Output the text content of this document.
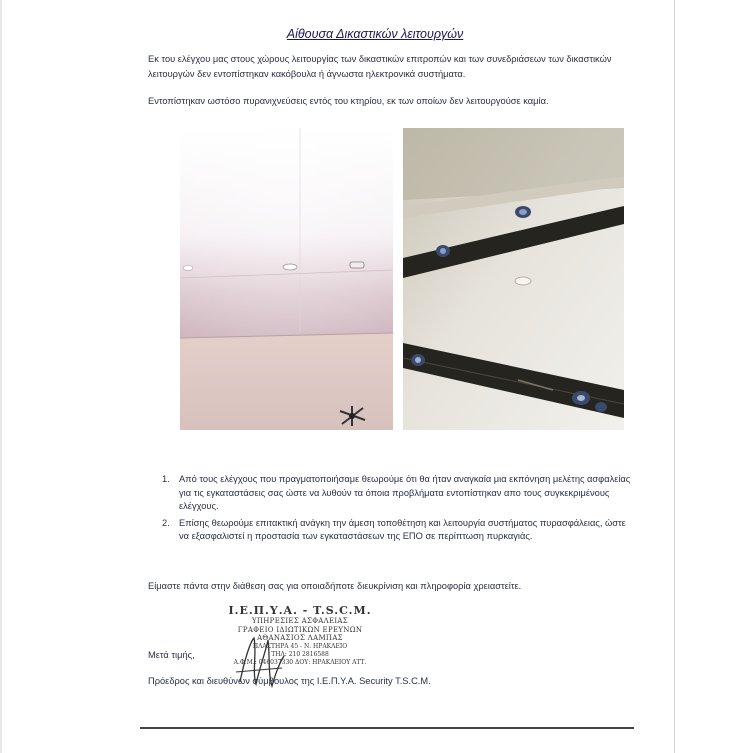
Αίθουσα Δικαστικών λειτουργών
Εκ του ελέγχου μας στους χώρους λειτουργίας των δικαστικών επιτροπών και των συνεδριάσεων των δικαστικών λειτουργών δεν εντοπίστηκαν κακόβουλα ή άγνωστα ηλεκτρονικά συστήματα.
Εντοπίστηκαν ωστόσο πυρανιχνεύσεις εντός του κτηρίου, εκ των οποίων δεν λειτουργούσε καμία.
1. Από τους ελέγχους που πραγματοποιήσαμε θεωρούμε ότι θα ήταν αναγκαία μια εκπόνηση μελέτης ασφαλείας για τις εγκαταστάσεις σας ώστε να λυθούν τα όποια προβλήματα εντοπίστηκαν απο τους συγκεκριμένους ελέγχους.
2. Επίσης θεωρούμε επιτακτική ανάγκη την άμεση τοποθέτηση και λειτουργία συστήματος πυρασφάλειας, ώστε να εξασφαλιστεί η προστασία των εγκαταστάσεων της ΕΠΟ σε περίπτωση πυρκαγιάς.
Είμαστε πάντα στην διάθεση σας για οποιαδήποτε διευκρίνιση και πληροφορία χρειαστείτε.
Ι.Ε.Π.Υ.Α. - T.S.C.M.
ΥΠΗΡΕΣΙΕΣ ΑΣΦΑΛΕΙΑΣ
ΓΡΑΦΕΙΟ ΙΔΙΩΤΙΚΩΝ ΕΡΕΥΝΩΝ
ΑΘΑΝΑΣΙΟΣ ΛΑΜΠΑΣ
ΠΛΑΣΤΗΡΑ 45 - Ν. ΗΡΑΚΛΕΙΟ
ΤΗΛ: 210 2816588
Α.Φ.Μ.: 046037330 ΔΟΥ: ΗΡΑΚΛΕΙΟΥ ΑΤΤ.
Μετά τιμής,
Πρόεδρος και διευθύνων σύμβουλος της Ι.Ε.Π.Υ.Α. Security T.S.C.M.
